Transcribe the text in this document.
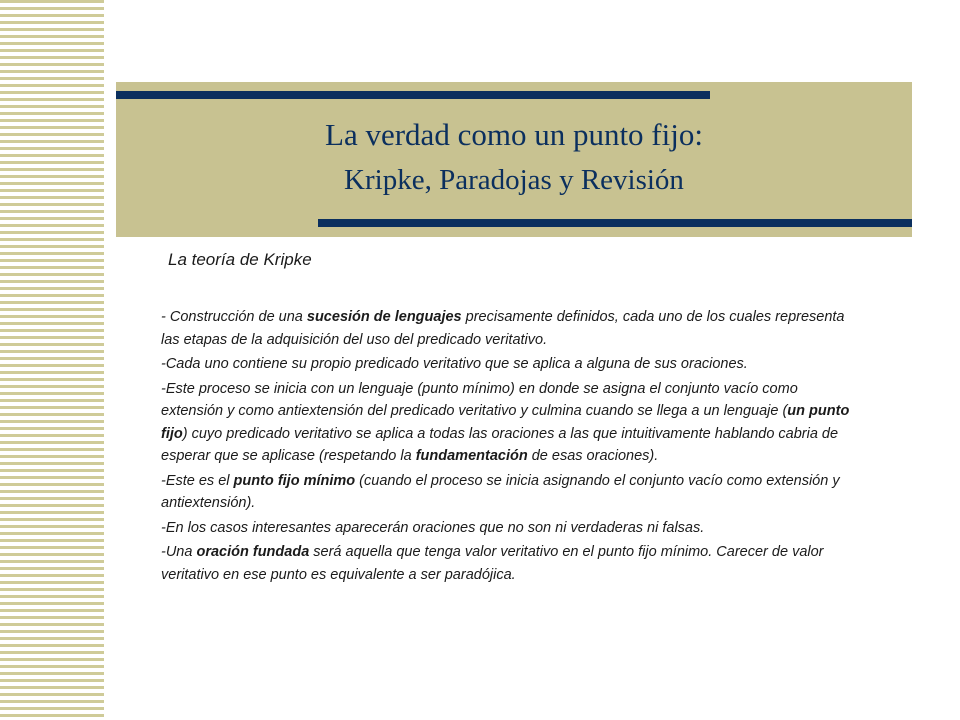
La verdad como un punto fijo:
Kripke, Paradojas y Revisión
La teoría de Kripke

- Construcción de una sucesión de lenguajes precisamente definidos, cada uno de los cuales representa las etapas de la adquisición del uso del predicado veritativo.

-Cada uno contiene su propio predicado veritativo que se aplica a alguna de sus oraciones.

-Este proceso se inicia con un lenguaje (punto mínimo) en donde se asigna el conjunto vacío como extensión y como antiextensión del predicado veritativo y culmina cuando se llega a un lenguaje (un punto fijo) cuyo predicado veritativo se aplica a todas las oraciones a las que intuitivamente hablando cabria de esperar que se aplicase (respetando la fundamentación de esas oraciones).

-Este es el punto fijo mínimo (cuando el proceso se inicia asignando el conjunto vacío como extensión y antiextensión).

-En los casos interesantes aparecerán oraciones que no son ni verdaderas ni falsas.

-Una oración fundada será aquella que tenga valor veritativo en el punto fijo mínimo. Carecer de valor veritativo en ese punto es equivalente a ser paradójica.
